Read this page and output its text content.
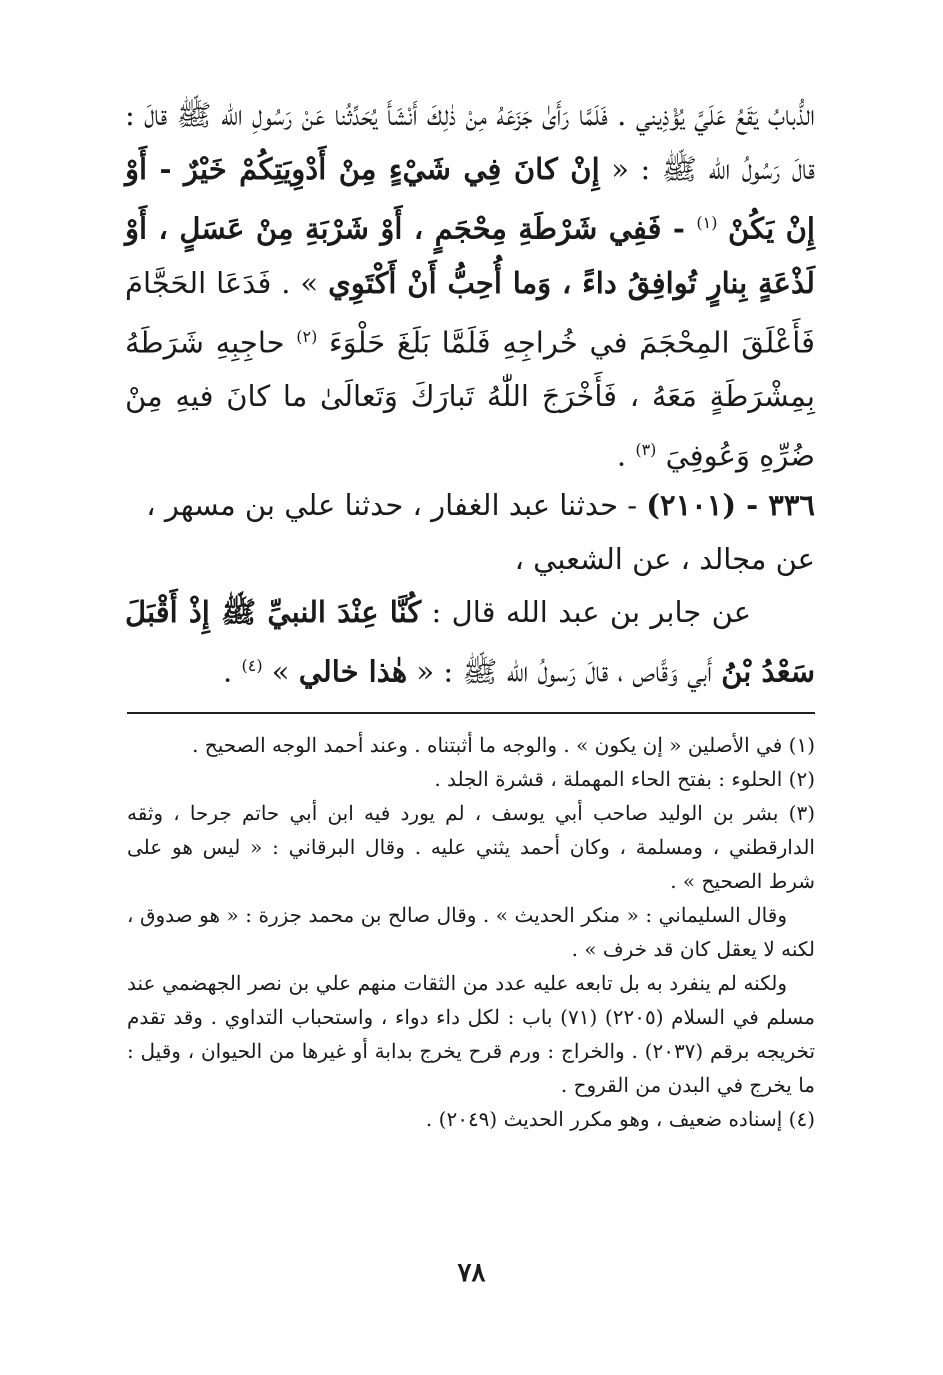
الذُّبابُ يَقَعُ عَلَيَّ يُؤْذِيني . فَلَمَّا رَأَىٰ جَزَعَهُ مِنْ ذٰلِكَ أَنْشَأَ يُحَدِّثُنا عَنْ رَسُولِ الله ﷺ قالَ : قالَ رَسُولُ الله ﷺ : « إِنْ كانَ فِي شَيْءٍ مِنْ أَدْوِيَتِكُمْ خَيْرٌ - أَوْ إِنْ يَكُنْ $^{(١)}$ - فَفِي شَرْطَةِ مِحْجَمٍ ، أَوْ شَرْبَةِ مِنْ عَسَلٍ ، أَوْ لَذْعَةٍ بِنارٍ تُوافِقُ داءً ، وَما أُحِبُّ أَنْ أَكْتَوِي » . فَدَعَا الحَجَّامَ فَأَعْلَقَ المِحْجَمَ في خُراجِهِ فَلَمَّا بَلَغَ حَلْوَءَ $^{(٢)}$ حاجِبِهِ شَرَطَهُ بِمِشْرَطَةٍ مَعَهُ ، فَأَخْرَجَ اللّٰهُ تَبارَكَ وَتَعالَىٰ ما كانَ فيهِ مِنْ ضُرِّهِ وَعُوفِيَ $^{(٣)}$ .

٣٣٦ - (٢١٠١) - حدثنا عبد الغفار ، حدثنا علي بن مسهر ،

عن مجالد ، عن الشعبي ،

عن جابر بن عبد الله قال : كُنَّا عِنْدَ النبيِّ ﷺ إِذْ أَقْبَلَ سَعْدُ بْنُ أَبي وَقَّاص ، قالَ رَسولُ الله ﷺ : « هٰذا خالي » $^{(٤)}$ .

(١) في الأصلين « إن يكون » . والوجه ما أثبتناه . وعند أحمد الوجه الصحيح .

(٢) الحلوء : بفتح الحاء المهملة ، قشرة الجلد .

(٣) بشر بن الوليد صاحب أبي يوسف ، لم يورد فيه ابن أبي حاتم جرحا ، وثقه الدارقطني ، ومسلمة ، وكان أحمد يثني عليه . وقال البرقاني : « ليس هو على شرط الصحيح » .

وقال السليماني : « منكر الحديث » . وقال صالح بن محمد جزرة : « هو صدوق ، لكنه لا يعقل كان قد خرف » .

ولكنه لم ينفرد به بل تابعه عليه عدد من الثقات منهم علي بن نصر الجهضمي عند مسلم في السلام (٢٢٠٥) (٧١) باب : لكل داء دواء ، واستحباب التداوي . وقد تقدم تخريجه برقم (٢٠٣٧) . والخراج : ورم قرح يخرج بدابة أو غيرها من الحيوان ، وقيل : ما يخرج في البدن من القروح .

(٤) إسناده ضعيف ، وهو مكرر الحديث (٢٠٤٩) .

٧٨
